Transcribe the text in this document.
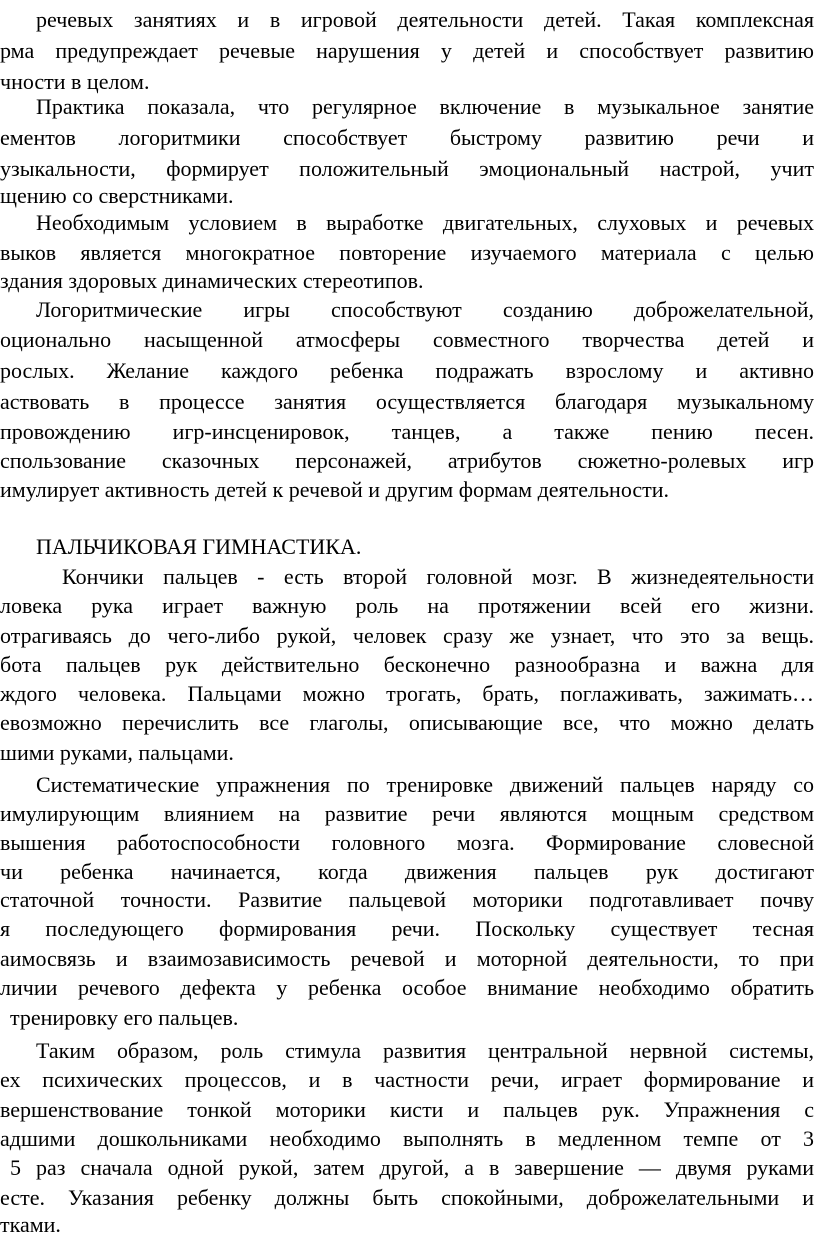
речевых занятиях и в игровой деятельности детей. Такая комплексная
рма предупреждает речевые нарушения у детей и способствует развитию
чности в целом.
Практика показала, что регулярное включение в музыкальное занятие
ементов логоритмики способствует быстрому развитию речи и
узыкальности, формирует положительный эмоциональный настрой, учит
щению со сверстниками.
Необходимым условием в выработке двигательных, слуховых и речевых
выков является многократное повторение изучаемого материала с целью
здания здоровых динамических стереотипов.
Логоритмические игры способствуют созданию доброжелательной,
оционально насыщенной атмосферы совместного творчества детей и
рослых. Желание каждого ребенка подражать взрослому и активно
аствовать в процессе занятия осуществляется благодаря музыкальному
провождению игр-инсценировок, танцев, а также пению песен.
спользование сказочных персонажей, атрибутов сюжетно-ролевых игр
имулирует активность детей к речевой и другим формам деятельности.
ПАЛЬЧИКОВАЯ ГИМНАСТИКА.
Кончики пальцев - есть второй головной мозг. В жизнедеятельности
ловека рука играет важную роль на протяжении всей его жизни.
отрагиваясь до чего-либо рукой, человек сразу же узнает, что это за вещь.
бота пальцев рук действительно бесконечно разнообразна и важна для
ждого человека. Пальцами можно трогать, брать, поглаживать, зажимать…
евозможно перечислить все глаголы, описывающие все, что можно делать
шими руками, пальцами.
Систематические упражнения по тренировке движений пальцев наряду со
имулирующим влиянием на развитие речи являются мощным средством
вышения работоспособности головного мозга. Формирование словесной
чи ребенка начинается, когда движения пальцев рук достигают
статочной точности. Развитие пальцевой моторики подготавливает почву
я последующего формирования речи. Поскольку существует тесная
аимосвязь и взаимозависимость речевой и моторной деятельности, то при
личии речевого дефекта у ребенка особое внимание необходимо обратить
тренировку его пальцев.
Таким образом, роль стимула развития центральной нервной системы,
ех психических процессов, и в частности речи, играет формирование и
вершенствование тонкой моторики кисти и пальцев рук. Упражнения с
адшими дошкольниками необходимо выполнять в медленном темпе от 3
5 раз сначала одной рукой, затем другой, а в завершение — двумя руками
есте. Указания ребенку должны быть спокойными, доброжелательными и
тками.
